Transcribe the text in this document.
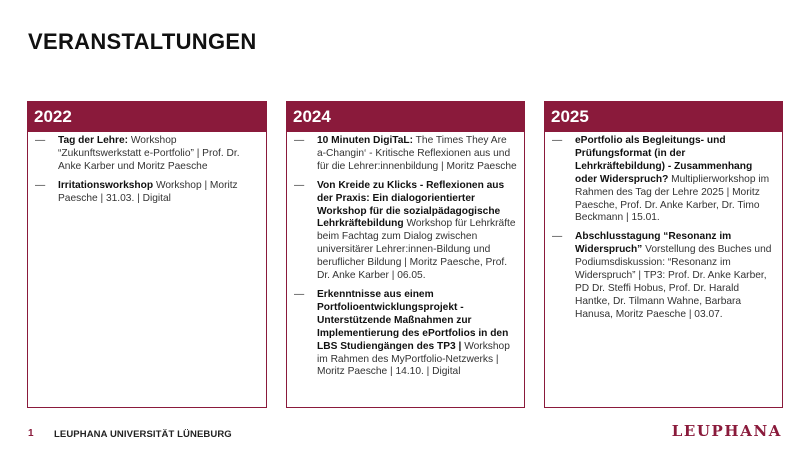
VERANSTALTUNGEN
2022
—	Tag der Lehre: Workshop “Zukunftswerkstatt e-Portfolio” | Prof. Dr. Anke Karber und Moritz Paesche
—	Irritationsworkshop Workshop | Moritz Paesche | 31.03. | Digital
2024
—	10 Minuten DigiTaL: The Times They Are a-Changin‘ - Kritische Reflexionen aus und für die Lehrer:innenbildung | Moritz Paesche
—	Von Kreide zu Klicks - Reflexionen aus der Praxis: Ein dialogorientierter Workshop für die sozialpädagogische Lehrkräftebildung Workshop für Lehrkräfte beim Fachtag zum Dialog zwischen universitärer Lehrer:innen-Bildung und beruflicher Bildung | Moritz Paesche, Prof. Dr. Anke Karber | 06.05.
—	Erkenntnisse aus einem Portfolioentwicklungsprojekt - Unterstützende Maßnahmen zur Implementierung des ePortfolios in den LBS Studiengängen des TP3 | Workshop im Rahmen des MyPortfolio-Netzwerks | Moritz Paesche | 14.10. | Digital
2025
—	ePortfolio als Begleitungs- und Prüfungsformat (in der Lehrkräftebildung) - Zusammenhang oder Widerspruch? Multiplierworkshop im Rahmen des Tag der Lehre 2025 | Moritz Paesche, Prof. Dr. Anke Karber, Dr. Timo Beckmann | 15.01.
—	Abschlusstagung “Resonanz im Widerspruch” Vorstellung des Buches und Podiumsdiskussion: “Resonanz im Widerspruch” | TP3: Prof. Dr. Anke Karber, PD Dr. Steffi Hobus, Prof. Dr. Harald Hantke, Dr. Tilmann Wahne, Barbara Hanusa, Moritz Paesche | 03.07.
1 LEUPHANA UNIVERSITÄT LÜNEBURG	LEUPHANA
